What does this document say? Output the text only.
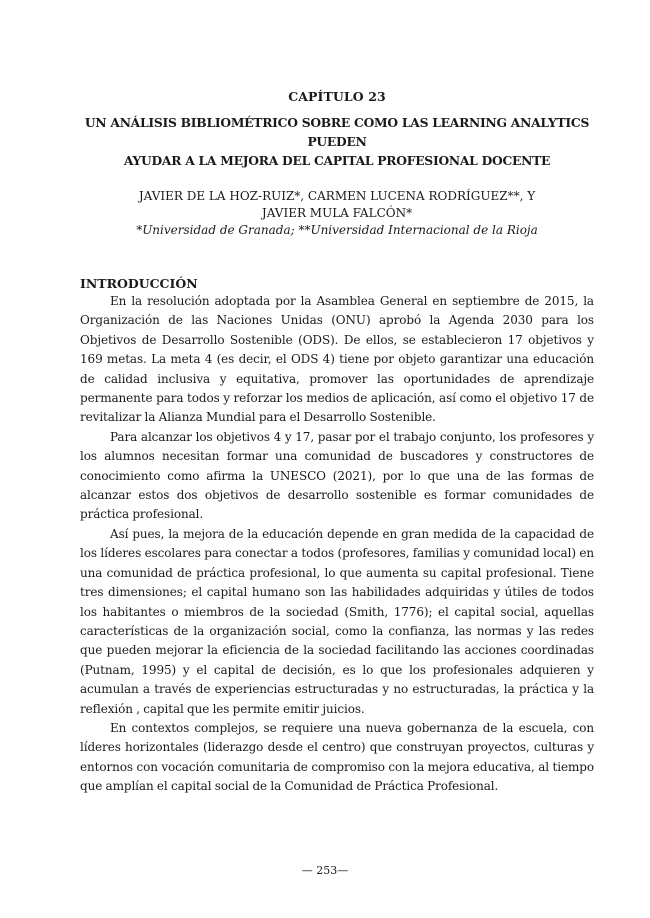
CAPÍTULO 23
UN ANÁLISIS BIBLIOMÉTRICO SOBRE COMO LAS LEARNING ANALYTICS PUEDEN
AYUDAR A LA MEJORA DEL CAPITAL PROFESIONAL DOCENTE
JAVIER DE LA HOZ-RUIZ*, CARMEN LUCENA RODRÍGUEZ**, Y
JAVIER MULA FALCÓN*
*Universidad de Granada; **Universidad Internacional de la Rioja
INTRODUCCIÓN

En la resolución adoptada por la Asamblea General en septiembre de 2015, la Organización de las Naciones Unidas (ONU) aprobó la Agenda 2030 para los Objetivos de Desarrollo Sostenible (ODS). De ellos, se establecieron 17 objetivos y 169 metas. La meta 4 (es decir, el ODS 4) tiene por objeto garantizar una educación de calidad inclusiva y equitativa, promover las oportunidades de aprendizaje permanente para todos y reforzar los medios de aplicación, así como el objetivo 17 de revitalizar la Alianza Mundial para el Desarrollo Sostenible.

Para alcanzar los objetivos 4 y 17, pasar por el trabajo conjunto, los profesores y los alumnos necesitan formar una comunidad de buscadores y constructores de conocimiento como afirma la UNESCO (2021), por lo que una de las formas de alcanzar estos dos objetivos de desarrollo sostenible es formar comunidades de práctica profesional.

Así pues, la mejora de la educación depende en gran medida de la capacidad de los líderes escolares para conectar a todos (profesores, familias y comunidad local) en una comunidad de práctica profesional, lo que aumenta su capital profesional. Tiene tres dimensiones; el capital humano son las habilidades adquiridas y útiles de todos los habitantes o miembros de la sociedad (Smith, 1776); el capital social, aquellas características de la organización social, como la confianza, las normas y las redes que pueden mejorar la eficiencia de la sociedad facilitando las acciones coordinadas (Putnam, 1995) y el capital de decisión, es lo que los profesionales adquieren y acumulan a través de experiencias estructuradas y no estructuradas, la práctica y la reflexión , capital que les permite emitir juicios.

En contextos complejos, se requiere una nueva gobernanza de la escuela, con líderes horizontales (liderazgo desde el centro) que construyan proyectos, culturas y entornos con vocación comunitaria de compromiso con la mejora educativa, al tiempo que amplían el capital social de la Comunidad de Práctica Profesional.

— 253—
